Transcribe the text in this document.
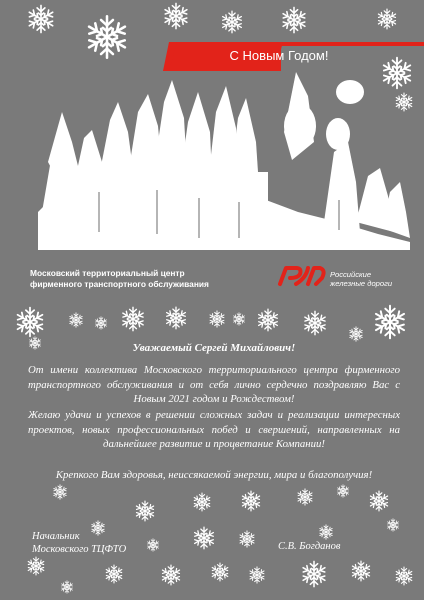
С Новым Годом!
Московский территориальный центр
фирменного транспортного обслуживания
Российские
железные дороги
Уважаемый Сергей Михайлович!
От имени коллектива Московского территориального центра фирменного транспортного обслуживания и от себя лично сердечно поздравляю Вас с Новым 2021 годом и Рождеством!
Желаю удачи и успехов в решении сложных задач и реализации интересных проектов, новых профессиональных побед и свершений, направленных на дальнейшее развитие и процветание Компании!
Крепкого Вам здоровья, неиссякаемой энергии, мира и благополучия!
Начальник
Московского ТЦФТО	С.В. Богданов
